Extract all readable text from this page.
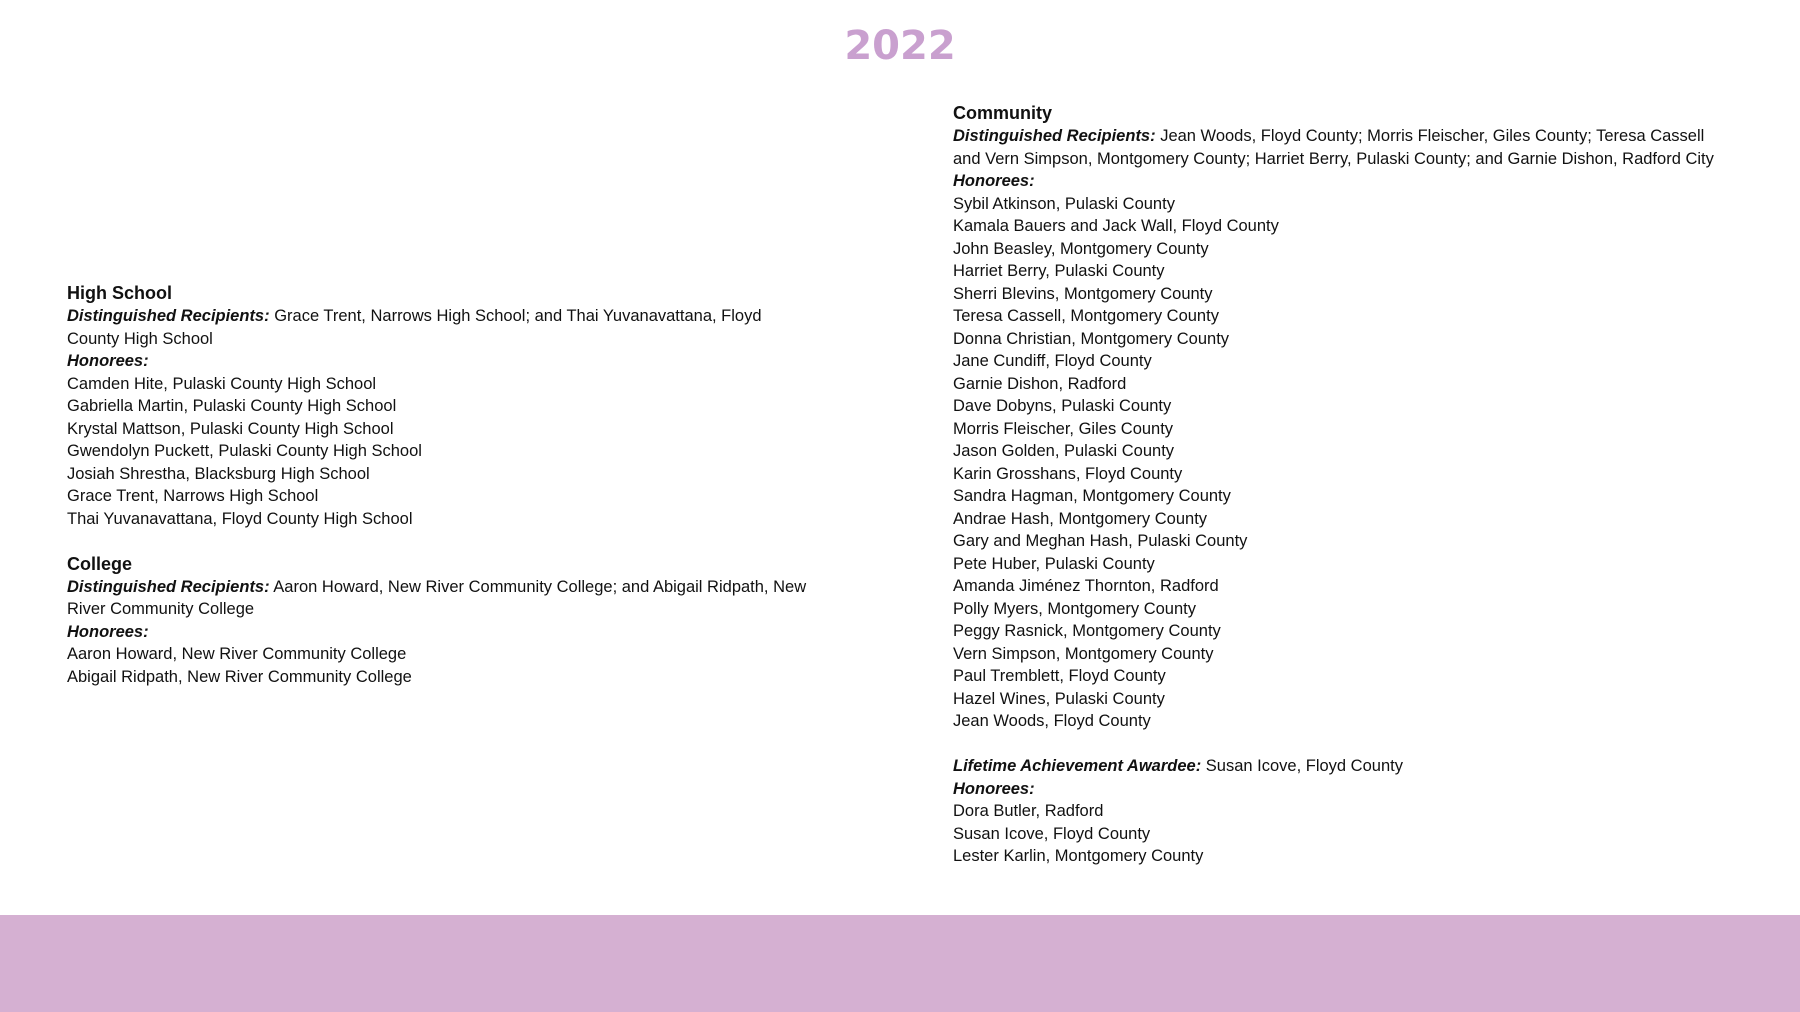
2022
High School
Distinguished Recipients: Grace Trent, Narrows High School; and Thai Yuvanavattana, Floyd County High School
Honorees:
Camden Hite, Pulaski County High School
Gabriella Martin, Pulaski County High School
Krystal Mattson, Pulaski County High School
Gwendolyn Puckett, Pulaski County High School
Josiah Shrestha, Blacksburg High School
Grace Trent, Narrows High School
Thai Yuvanavattana, Floyd County High School
College
Distinguished Recipients: Aaron Howard, New River Community College; and Abigail Ridpath, New River Community College
Honorees:
Aaron Howard, New River Community College
Abigail Ridpath, New River Community College
Community
Distinguished Recipients: Jean Woods, Floyd County; Morris Fleischer, Giles County; Teresa Cassell and Vern Simpson, Montgomery County; Harriet Berry, Pulaski County; and Garnie Dishon, Radford City
Honorees:
Sybil Atkinson, Pulaski County
Kamala Bauers and Jack Wall, Floyd County
John Beasley, Montgomery County
Harriet Berry, Pulaski County
Sherri Blevins, Montgomery County
Teresa Cassell, Montgomery County
Donna Christian, Montgomery County
Jane Cundiff, Floyd County
Garnie Dishon, Radford
Dave Dobyns, Pulaski County
Morris Fleischer, Giles County
Jason Golden, Pulaski County
Karin Grosshans, Floyd County
Sandra Hagman, Montgomery County
Andrae Hash, Montgomery County
Gary and Meghan Hash, Pulaski County
Pete Huber, Pulaski County
Amanda Jiménez Thornton, Radford
Polly Myers, Montgomery County
Peggy Rasnick, Montgomery County
Vern Simpson, Montgomery County
Paul Tremblett, Floyd County
Hazel Wines, Pulaski County
Jean Woods, Floyd County
Lifetime Achievement Awardee: Susan Icove, Floyd County
Honorees:
Dora Butler, Radford
Susan Icove, Floyd County
Lester Karlin, Montgomery County
